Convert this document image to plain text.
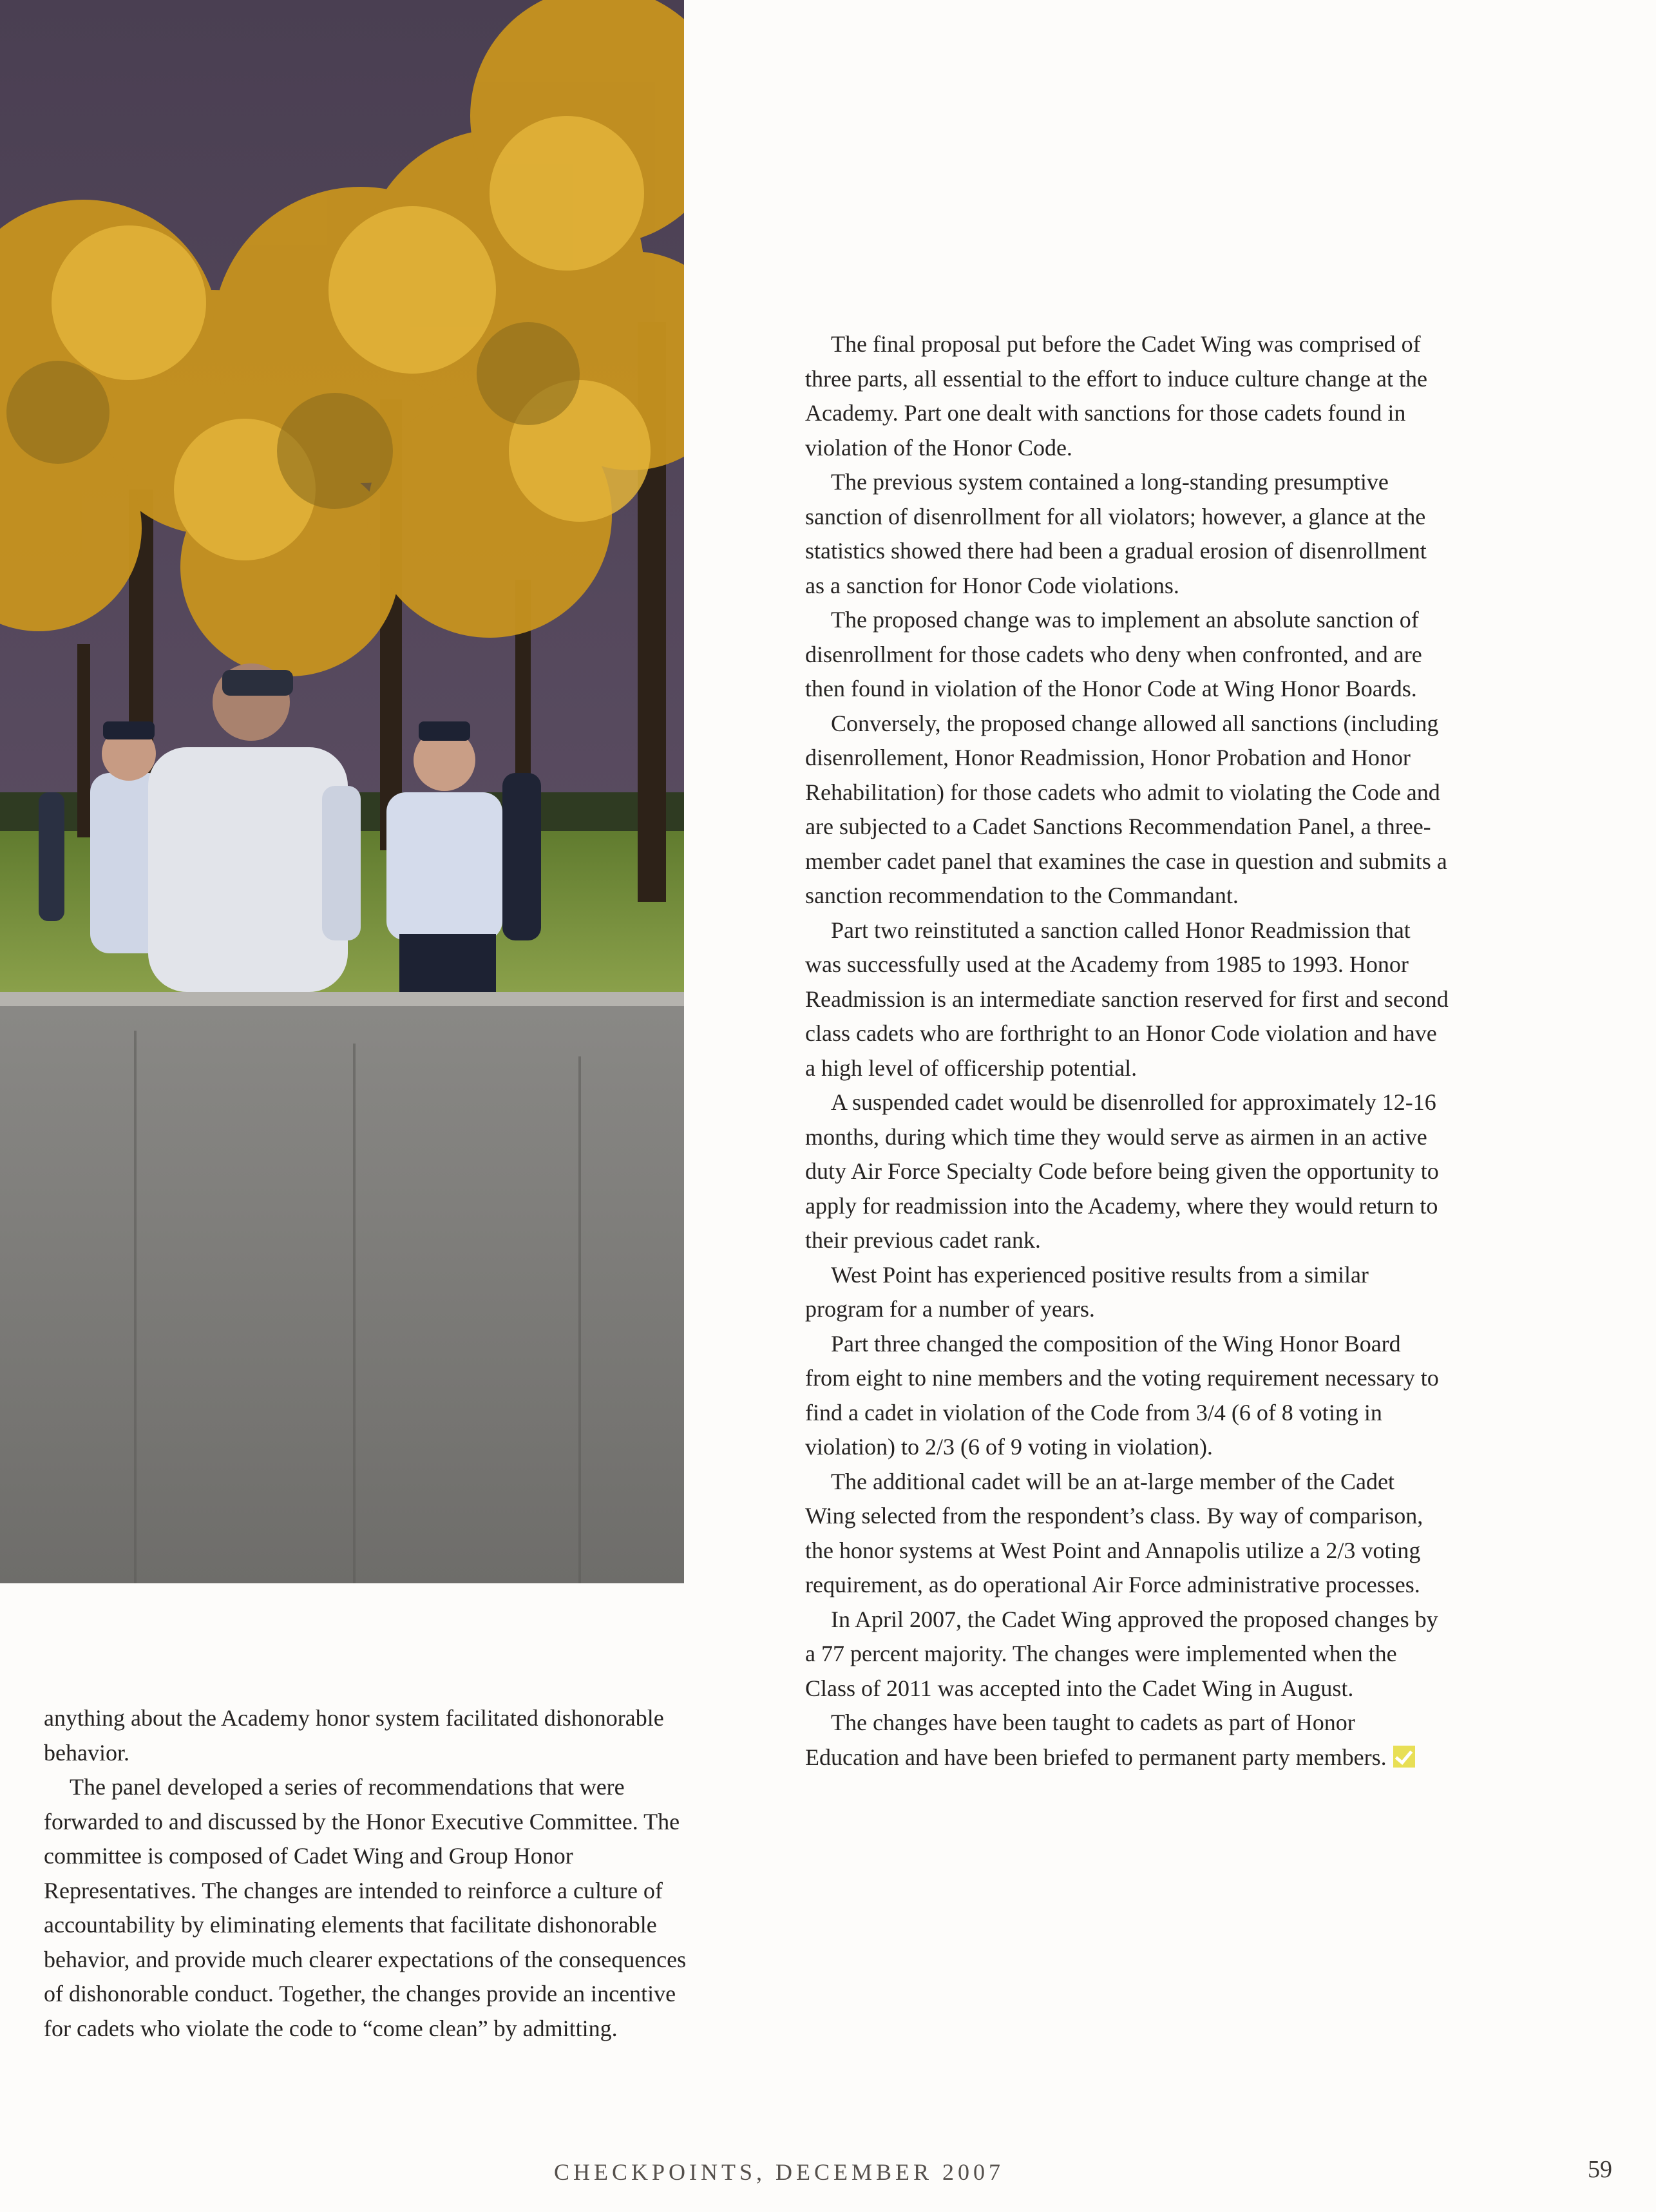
anything about the Academy honor system facilitated dishonorable behavior.

The panel developed a series of recommendations that were forwarded to and discussed by the Honor Executive Committee. The committee is composed of Cadet Wing and Group Honor Representatives. The changes are intended to reinforce a culture of accountability by eliminating elements that facilitate dishonorable behavior, and provide much clearer expectations of the consequences of dishonorable conduct. Together, the changes provide an incentive for cadets who violate the code to “come clean” by admitting.

The final proposal put before the Cadet Wing was comprised of three parts, all essential to the effort to induce culture change at the Academy. Part one dealt with sanctions for those cadets found in violation of the Honor Code.

The previous system contained a long-standing presumptive sanction of disenrollment for all violators; however, a glance at the statistics showed there had been a gradual erosion of disenrollment as a sanction for Honor Code violations.

The proposed change was to implement an absolute sanction of disenrollment for those cadets who deny when confronted, and are then found in violation of the Honor Code at Wing Honor Boards.

Conversely, the proposed change allowed all sanctions (including disenrollement, Honor Readmission, Honor Probation and Honor Rehabilitation) for those cadets who admit to violating the Code and are subjected to a Cadet Sanctions Recommendation Panel, a three-member cadet panel that examines the case in question and submits a sanction recommendation to the Commandant.

Part two reinstituted a sanction called Honor Readmission that was successfully used at the Academy from 1985 to 1993. Honor Readmission is an intermediate sanction reserved for first and second class cadets who are forthright to an Honor Code violation and have a high level of officership potential.

A suspended cadet would be disenrolled for approximately 12-16 months, during which time they would serve as airmen in an active duty Air Force Specialty Code before being given the opportunity to apply for readmission into the Academy, where they would return to their previous cadet rank.

West Point has experienced positive results from a similar program for a number of years.

Part three changed the composition of the Wing Honor Board from eight to nine members and the voting requirement necessary to find a cadet in violation of the Code from 3/4 (6 of 8 voting in violation) to 2/3 (6 of 9 voting in violation).

The additional cadet will be an at-large member of the Cadet Wing selected from the respondent’s class. By way of comparison, the honor systems at West Point and Annapolis utilize a 2/3 voting requirement, as do operational Air Force administrative processes.

In April 2007, the Cadet Wing approved the proposed changes by a 77 percent majority. The changes were implemented when the Class of 2011 was accepted into the Cadet Wing in August.

The changes have been taught to cadets as part of Honor Education and have been briefed to permanent party members.

CHECKPOINTS, DECEMBER 2007	59
